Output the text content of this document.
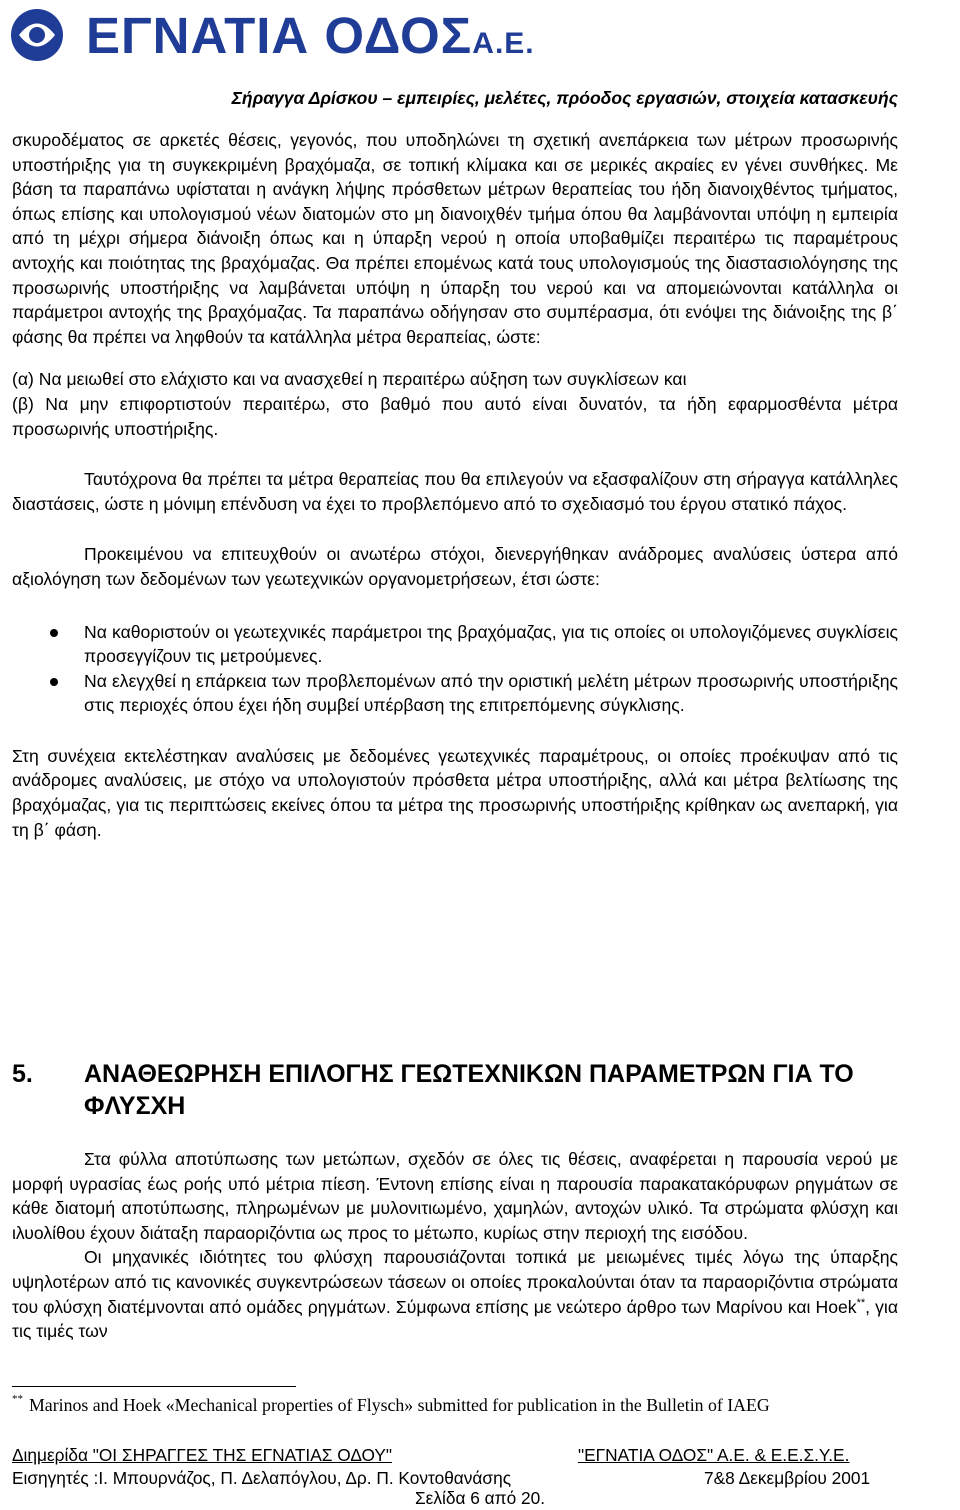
ΕΓΝΑΤΙΑ ΟΔΟΣΑ.Ε.
Σήραγγα Δρίσκου – εμπειρίες, μελέτες, πρόοδος εργασιών, στοιχεία κατασκευής

σκυροδέματος σε αρκετές θέσεις, γεγονός, που υποδηλώνει τη σχετική ανεπάρκεια των μέτρων προσωρινής υποστήριξης για τη συγκεκριμένη βραχόμαζα, σε τοπική κλίμακα και σε μερικές ακραίες εν γένει συνθήκες. Με βάση τα παραπάνω υφίσταται η ανάγκη λήψης πρόσθετων μέτρων θεραπείας του ήδη διανοιχθέντος τμήματος, όπως επίσης και υπολογισμού νέων διατομών στο μη διανοιχθέν τμήμα όπου θα λαμβάνονται υπόψη η εμπειρία από τη μέχρι σήμερα διάνοιξη όπως και η ύπαρξη νερού η οποία υποβαθμίζει περαιτέρω τις παραμέτρους αντοχής και ποιότητας της βραχόμαζας. Θα πρέπει επομένως κατά τους υπολογισμούς της διαστασιολόγησης της προσωρινής υποστήριξης να λαμβάνεται υπόψη η ύπαρξη του νερού και να απομειώνονται κατάλληλα οι παράμετροι αντοχής της βραχόμαζας. Τα παραπάνω οδήγησαν στο συμπέρασμα, ότι ενόψει της διάνοιξης της β΄ φάσης θα πρέπει να ληφθούν τα κατάλληλα μέτρα θεραπείας, ώστε:

(α) Να μειωθεί στο ελάχιστο και να ανασχεθεί η περαιτέρω αύξηση των συγκλίσεων και

(β) Να μην επιφορτιστούν περαιτέρω, στο βαθμό που αυτό είναι δυνατόν, τα ήδη εφαρμοσθέντα μέτρα προσωρινής υποστήριξης.

Ταυτόχρονα θα πρέπει τα μέτρα θεραπείας που θα επιλεγούν να εξασφαλίζουν στη σήραγγα κατάλληλες διαστάσεις, ώστε η μόνιμη επένδυση να έχει το προβλεπόμενο από το σχεδιασμό του έργου στατικό πάχος.

Προκειμένου να επιτευχθούν οι ανωτέρω στόχοι, διενεργήθηκαν ανάδρομες αναλύσεις ύστερα από αξιολόγηση των δεδομένων των γεωτεχνικών οργανομετρήσεων, έτσι ώστε:

Να καθοριστούν οι γεωτεχνικές παράμετροι της βραχόμαζας, για τις οποίες οι υπολογιζόμενες συγκλίσεις προσεγγίζουν τις μετρούμενες.
Να ελεγχθεί η επάρκεια των προβλεπομένων από την οριστική μελέτη μέτρων προσωρινής υποστήριξης στις περιοχές όπου έχει ήδη συμβεί υπέρβαση της επιτρεπόμενης σύγκλισης.

Στη συνέχεια εκτελέστηκαν αναλύσεις με δεδομένες γεωτεχνικές παραμέτρους, οι οποίες προέκυψαν από τις ανάδρομες αναλύσεις, με στόχο να υπολογιστούν πρόσθετα μέτρα υποστήριξης, αλλά και μέτρα βελτίωσης της βραχόμαζας, για τις περιπτώσεις εκείνες όπου τα μέτρα της προσωρινής υποστήριξης κρίθηκαν ως ανεπαρκή, για τη β΄ φάση.

5. ΑΝΑΘΕΩΡΗΣΗ ΕΠΙΛΟΓΗΣ ΓΕΩΤΕΧΝΙΚΩΝ ΠΑΡΑΜΕΤΡΩΝ ΓΙΑ ΤΟ ΦΛΥΣΧΗ

Στα φύλλα αποτύπωσης των μετώπων, σχεδόν σε όλες τις θέσεις, αναφέρεται η παρουσία νερού με μορφή υγρασίας έως ροής υπό μέτρια πίεση. Έντονη επίσης είναι η παρουσία παρακατακόρυφων ρηγμάτων σε κάθε διατομή αποτύπωσης, πληρωμένων με μυλονιτιωμένο, χαμηλών, αντοχών υλικό. Τα στρώματα φλύσχη και ιλυολίθου έχουν διάταξη παραοριζόντια ως προς το μέτωπο, κυρίως στην περιοχή της εισόδου.

Οι μηχανικές ιδιότητες του φλύσχη παρουσιάζονται τοπικά με μειωμένες τιμές λόγω της ύπαρξης υψηλοτέρων από τις κανονικές συγκεντρώσεων τάσεων οι οποίες προκαλούνται όταν τα παραοριζόντια στρώματα του φλύσχη διατέμνονται από ομάδες ρηγμάτων. Σύμφωνα επίσης με νεώτερο άρθρο των Μαρίνου και Hoek**, για τις τιμές των

** Marinos and Hoek «Mechanical properties of Flysch» submitted for publication in the Bulletin of IAEG
Διημερίδα "ΟΙ ΣΗΡΑΓΓΕΣ ΤΗΣ ΕΓΝΑΤΙΑΣ ΟΔΟΥ"	"ΕΓΝΑΤΙΑ ΟΔΟΣ" Α.Ε. & Ε.Ε.Σ.Υ.Ε.
Εισηγητές :Ι. Μπουρνάζος, Π. Δελαπόγλου, Δρ. Π. Κοντοθανάσης	7&8 Δεκεμβρίου 2001
Σελίδα 6 από 20.
